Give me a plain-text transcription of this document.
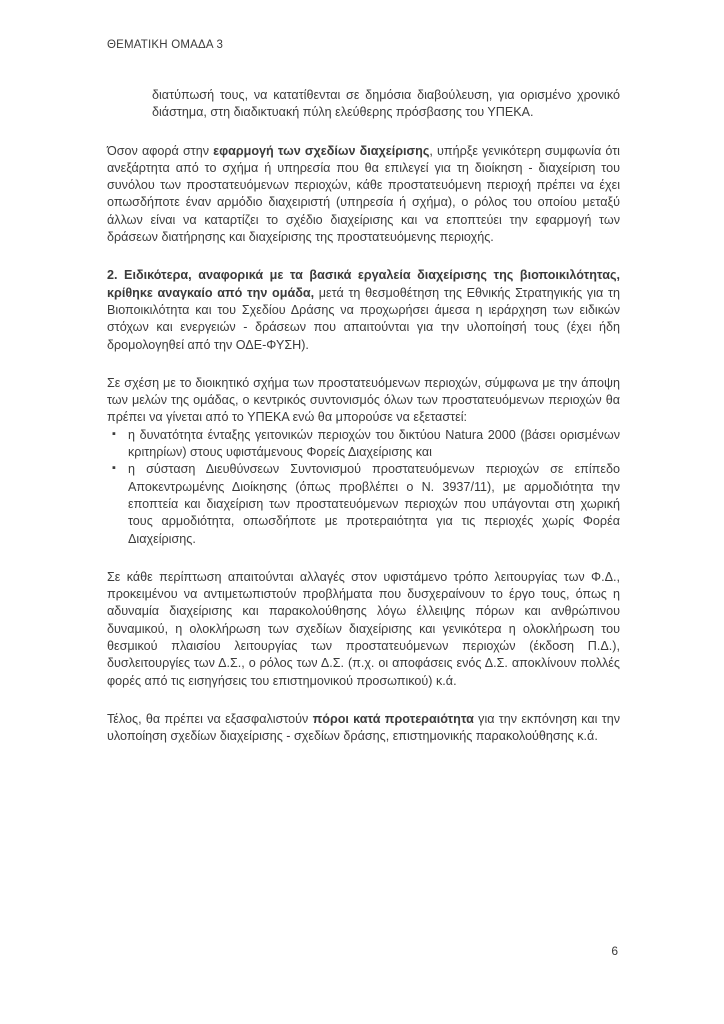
ΘΕΜΑΤΙΚΗ ΟΜΑΔΑ 3

διατύπωσή τους, να κατατίθενται σε δημόσια διαβούλευση, για ορισμένο χρονικό διάστημα, στη διαδικτυακή πύλη ελεύθερης πρόσβασης του ΥΠΕΚΑ.

Όσον αφορά στην εφαρμογή των σχεδίων διαχείρισης, υπήρξε γενικότερη συμφωνία ότι ανεξάρτητα από το σχήμα ή υπηρεσία που θα επιλεγεί για τη διοίκηση - διαχείριση του συνόλου των προστατευόμενων περιοχών, κάθε προστατευόμενη περιοχή πρέπει να έχει οπωσδήποτε έναν αρμόδιο διαχειριστή (υπηρεσία ή σχήμα), ο ρόλος του οποίου μεταξύ άλλων είναι να καταρτίζει το σχέδιο διαχείρισης και να εποπτεύει την εφαρμογή των δράσεων διατήρησης και διαχείρισης της προστατευόμενης περιοχής.

2. Ειδικότερα, αναφορικά με τα βασικά εργαλεία διαχείρισης της βιοποικιλότητας, κρίθηκε αναγκαίο από την ομάδα, μετά τη θεσμοθέτηση της Εθνικής Στρατηγικής για τη Βιοποικιλότητα και του Σχεδίου Δράσης να προχωρήσει άμεσα η ιεράρχηση των ειδικών στόχων και ενεργειών - δράσεων που απαιτούνται για την υλοποίησή τους (έχει ήδη δρομολογηθεί από την ΟΔΕ-ΦΥΣΗ).

Σε σχέση με το διοικητικό σχήμα των προστατευόμενων περιοχών, σύμφωνα με την άποψη των μελών της ομάδας, ο κεντρικός συντονισμός όλων των προστατευόμενων περιοχών θα πρέπει να γίνεται από το ΥΠΕΚΑ ενώ θα μπορούσε να εξεταστεί:

▪ η δυνατότητα ένταξης γειτονικών περιοχών του δικτύου Natura 2000 (βάσει ορισμένων κριτηρίων) στους υφιστάμενους Φορείς Διαχείρισης και
▪ η σύσταση Διευθύνσεων Συντονισμού προστατευόμενων περιοχών σε επίπεδο Αποκεντρωμένης Διοίκησης (όπως προβλέπει ο Ν. 3937/11), με αρμοδιότητα την εποπτεία και διαχείριση των προστατευόμενων περιοχών που υπάγονται στη χωρική τους αρμοδιότητα, οπωσδήποτε με προτεραιότητα για τις περιοχές χωρίς Φορέα Διαχείρισης.

Σε κάθε περίπτωση απαιτούνται αλλαγές στον υφιστάμενο τρόπο λειτουργίας των Φ.Δ., προκειμένου να αντιμετωπιστούν προβλήματα που δυσχεραίνουν το έργο τους, όπως η αδυναμία διαχείρισης και παρακολούθησης λόγω έλλειψης πόρων και ανθρώπινου δυναμικού, η ολοκλήρωση των σχεδίων διαχείρισης και γενικότερα η ολοκλήρωση του θεσμικού πλαισίου λειτουργίας των προστατευόμενων περιοχών (έκδοση Π.Δ.), δυσλειτουργίες των Δ.Σ., ο ρόλος των Δ.Σ. (π.χ. οι αποφάσεις ενός Δ.Σ. αποκλίνουν πολλές φορές από τις εισηγήσεις του επιστημονικού προσωπικού) κ.ά.

Τέλος, θα πρέπει να εξασφαλιστούν πόροι κατά προτεραιότητα για την εκπόνηση και την υλοποίηση σχεδίων διαχείρισης - σχεδίων δράσης, επιστημονικής παρακολούθησης κ.ά.

6
